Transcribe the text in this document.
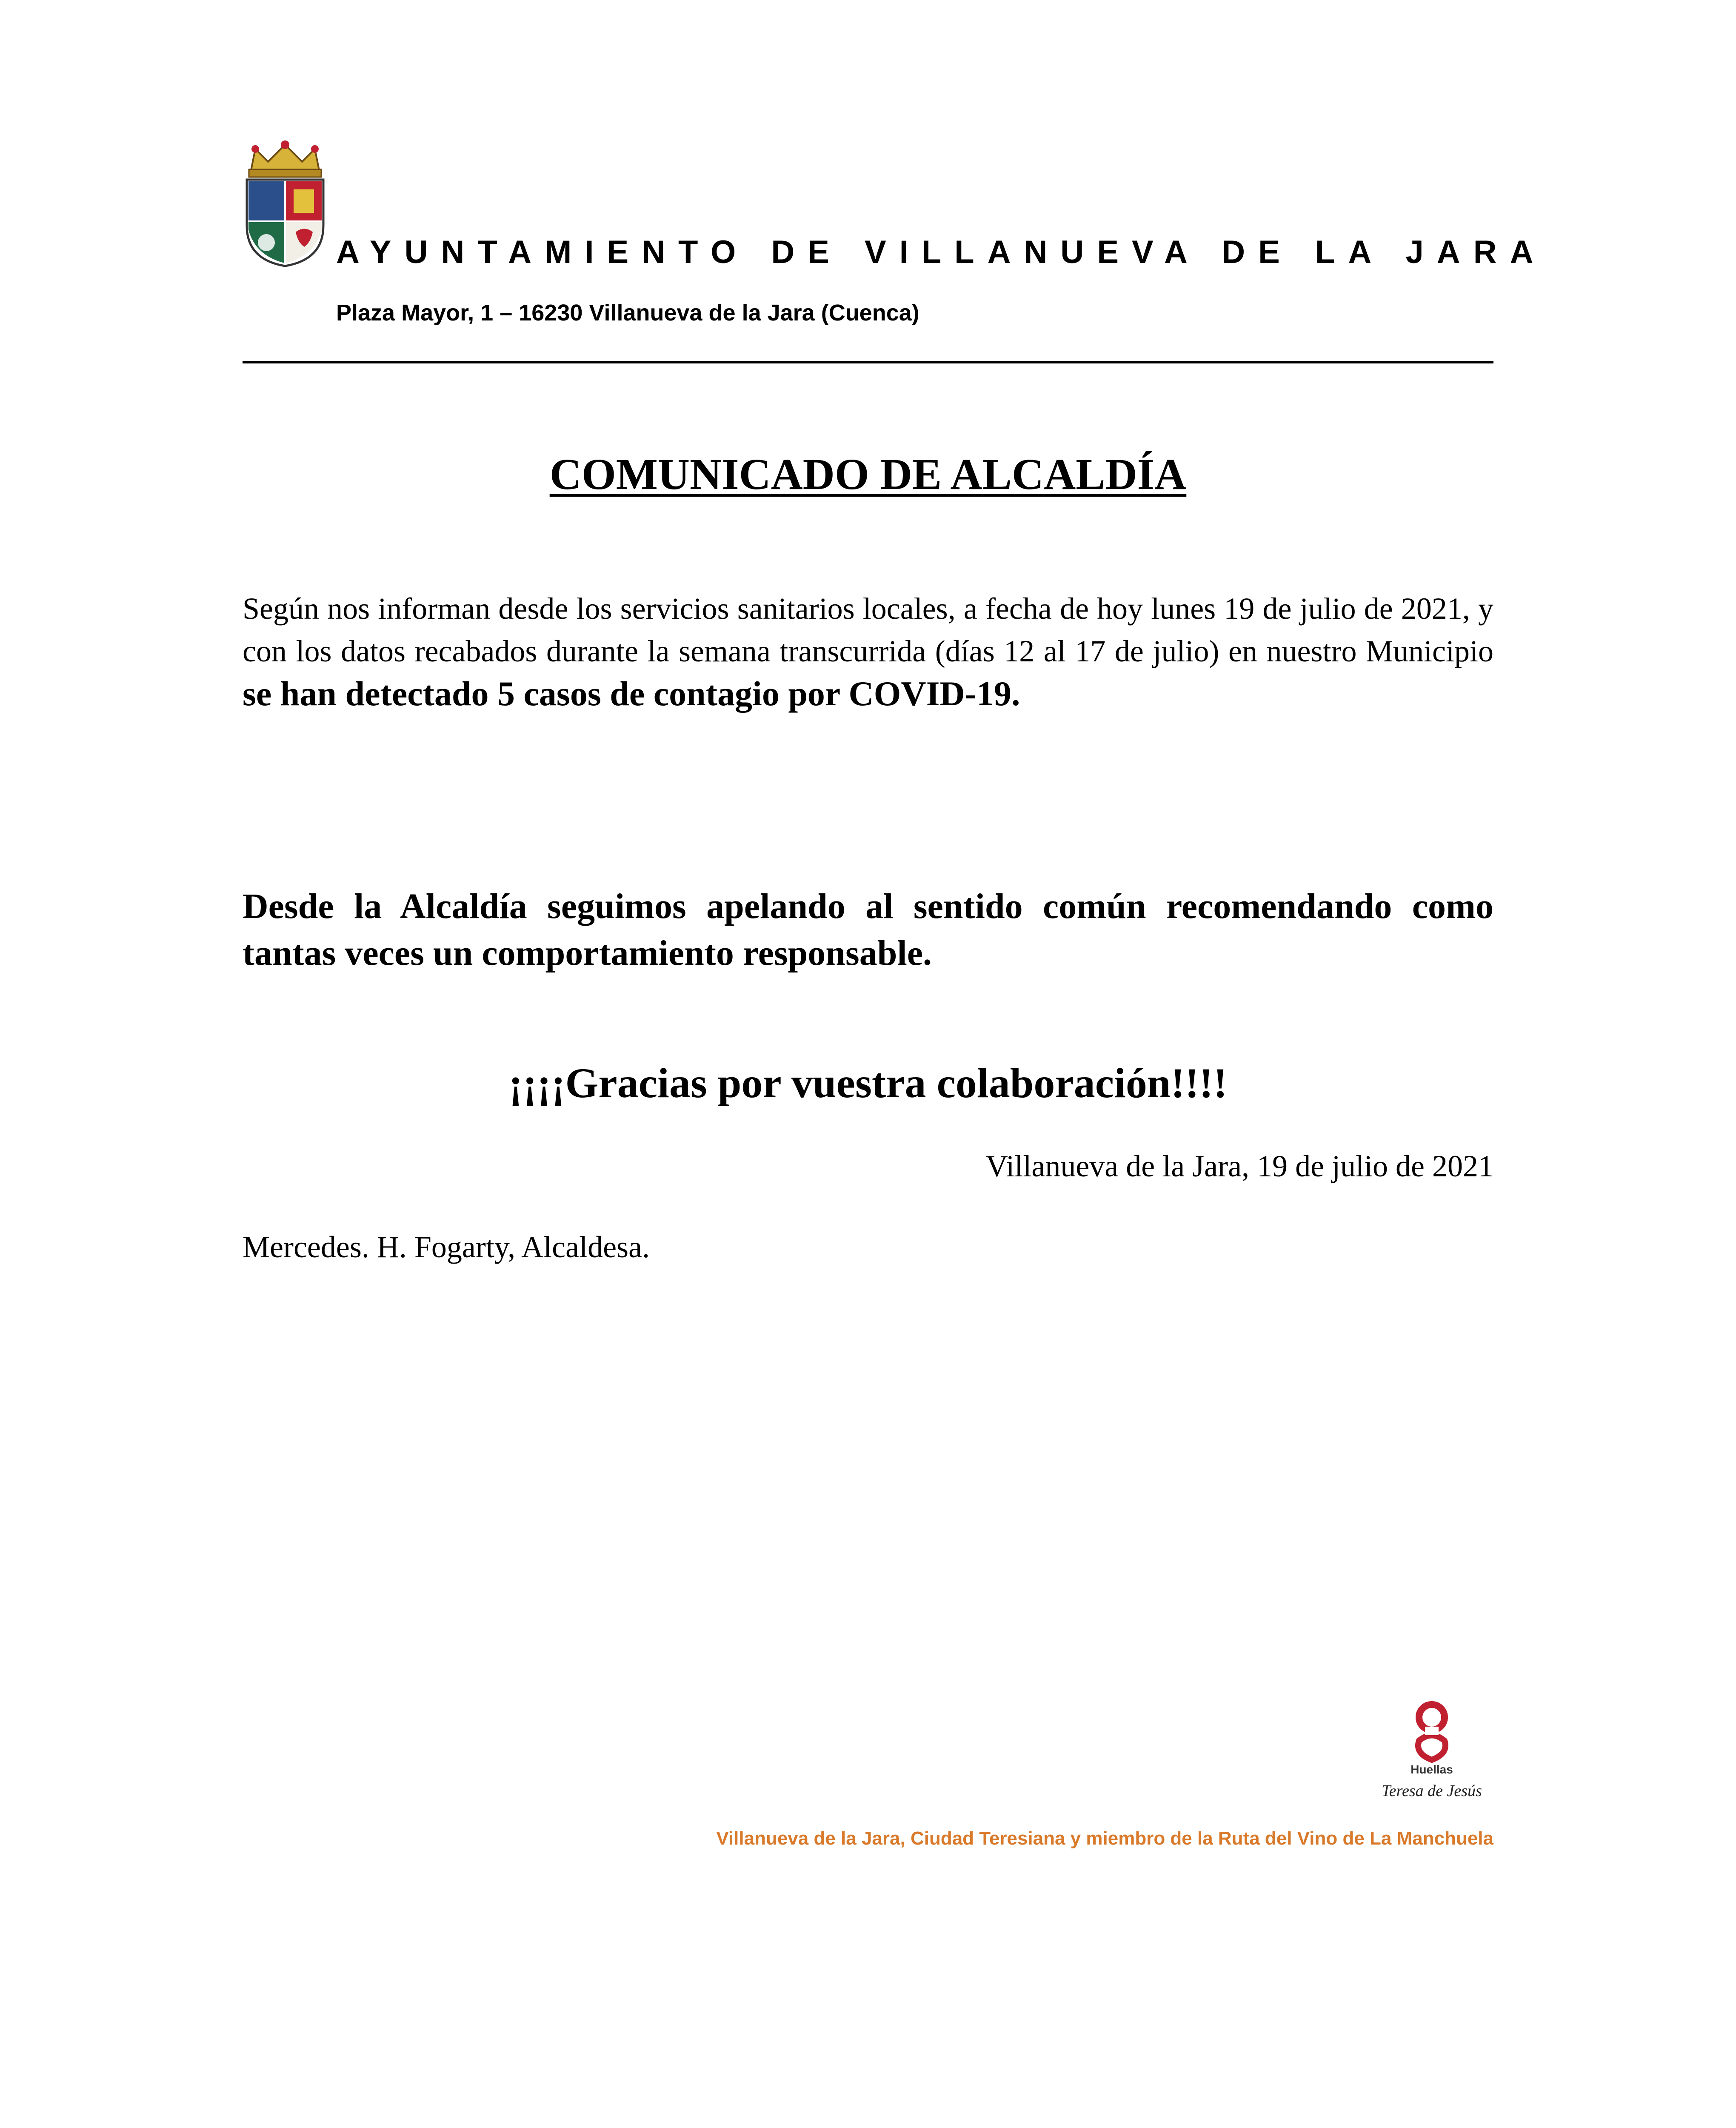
AYUNTAMIENTO DE VILLANUEVA DE LA JARA
Plaza Mayor, 1 – 16230 Villanueva de la Jara (Cuenca)
COMUNICADO DE ALCALDÍA
Según nos informan desde los servicios sanitarios locales, a fecha de hoy lunes 19 de julio de 2021, y con los datos recabados durante la semana transcurrida (días 12 al 17 de julio) en nuestro Municipio se han detectado 5 casos de contagio por COVID-19.
Desde la Alcaldía seguimos apelando al sentido común recomendando como tantas veces un comportamiento responsable.
¡¡¡¡Gracias por vuestra colaboración!!!!
Villanueva de la Jara, 19 de julio de 2021
Mercedes. H. Fogarty, Alcaldesa.
Huellas
Teresa de Jesús
Villanueva de la Jara, Ciudad Teresiana y miembro de la Ruta del Vino de La Manchuela
